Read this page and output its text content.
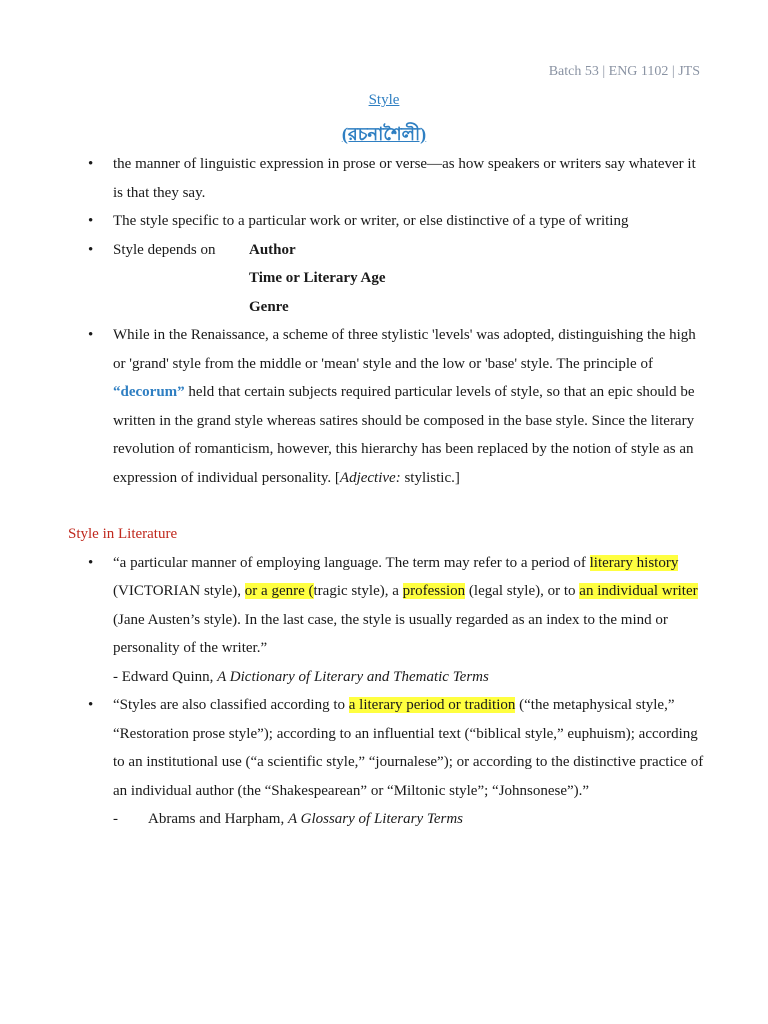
Batch 53 | ENG 1102 | JTS
Style
(রচনাশৈলী)
• the manner of linguistic expression in prose or verse—as how speakers or writers say whatever it is that they say.
• The style specific to a particular work or writer, or else distinctive of a type of writing
• Style depends on	Author
Time or Literary Age
Genre
• While in the Renaissance, a scheme of three stylistic 'levels' was adopted, distinguishing the high or 'grand' style from the middle or 'mean' style and the low or 'base' style. The principle of “decorum” held that certain subjects required particular levels of style, so that an epic should be written in the grand style whereas satires should be composed in the base style. Since the literary revolution of romanticism, however, this hierarchy has been replaced by the notion of style as an expression of individual personality. [Adjective: stylistic.]
Style in Literature
• “a particular manner of employing language. The term may refer to a period of literary history (VICTORIAN style), or a genre (tragic style), a profession (legal style), or to an individual writer (Jane Austen’s style). In the last case, the style is usually regarded as an index to the mind or personality of the writer.”
- Edward Quinn, A Dictionary of Literary and Thematic Terms
• “Styles are also classified according to a literary period or tradition (“the metaphysical style,” “Restoration prose style”); according to an influential text (“biblical style,” euphuism); according to an institutional use (“a scientific style,” “journalese”); or according to the distinctive practice of an individual author (the “Shakespearean” or “Miltonic style”; “Johnsonese”).”
-	Abrams and Harpham, A Glossary of Literary Terms
